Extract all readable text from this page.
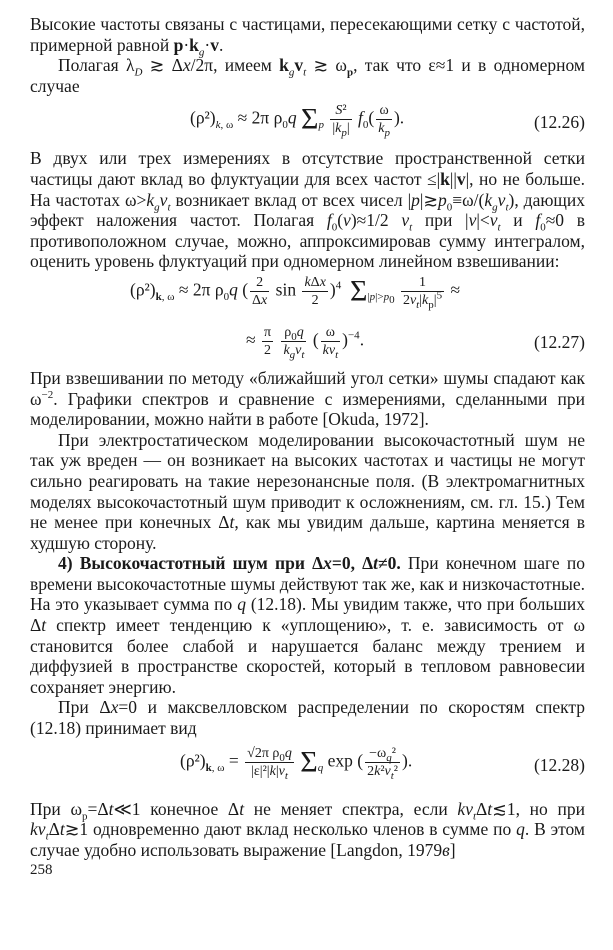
Высокие частоты связаны с частицами, пересекающими сетку с частотой, примерной равной $p\cdot k_g\cdot v$.

Полагая $\lambda_D$ ≳ Δx/2π, имеем $k_gv_t$ ≳ $\omega_p$, так что ε≈1 и в одномерном случае

$(\rho^2)_{k, \omega} \approx 2\pi$ $\rho_0q$ $\Sigma_p \frac{\text{S²}}{|k_p|} f_0( \frac{\omega}{k_p}$ ).	(12.26)

В двух или трех измерениях в отсутствие пространственной сетки частицы дают вклад во флуктуации для всех частот ≤|k||v|, но не больше. На частотах $\omega>k_gv_t$ возникает вклад от всех чисел $|p|≳p_0\equiv\omega/(k_gv_t)$, дающих эффект наложения частот. Полагая $f_0(v)\approx 1/2$ $v_t$ при $|v|<v_t$ и $f_0\approx 0$ в противоположном случае, можно, аппроксимировав сумму интегралом, оценить уровень флуктуаций при одномерном линейном взвешивании:

$(\rho^2)_{k, \omega} \approx 2\pi$ $\rho_0q$ ( $\frac{2}{\Delta x}$ $\sin \frac{\text{kΔx}}{2} )^4$ $\Sigma_{|p|>p_0} \frac{1}{2v_t|k_p|^5}$ ≈
≈ $\frac{\pi}{2}$
$\frac{\rho_0q}{k_gv_t}$ ( $\frac{\omega}{kv_t} )^{-4}$.	(12.27)

При взвешивании по методу «ближайший угол сетки» шумы спадают как $\omega^{-2}$. Графики спектров и сравнение с измерениями, сделанными при моделировании, можно найти в работе [Okuda, 1972].

При электростатическом моделировании высокочастотный шум не так уж вреден — он возникает на высоких частотах и частицы не могут сильно реагировать на такие нерезонансные поля. (В электромагнитных моделях высокочастотный шум приводит к осложнениям, см. гл. 15.) Тем не менее при конечных Δt, как мы увидим дальше, картина меняется в худшую сторону.

4) Высокочастотный шум при Δx=0, Δt≠0. При конечном шаге по времени высокочастотные шумы действуют так же, как и низкочастотные. На это указывает сумма по q (12.18). Мы увидим также, что при больших Δt спектр имеет тенденцию к «уплощению», т. е. зависимость от ω становится более слабой и нарушается баланс между трением и диффузией в пространстве скоростей, который в тепловом равновесии сохраняет энергию.

При Δx=0 и максвелловском распределении по скоростям спектр (12.18) принимает вид

$(\rho^2)_{k, \omega} = \frac{√2\pi \rho_0q}{|\varepsilon|^2|k|v_t} \Sigma_q$ exp ( $\frac{-\omega_q^2}{2k^2v_t^2}$ ).	(12.28)

При $\omega_p=\Delta t≪1$ конечное Δt не меняет спектра, если $kv_t\Delta t≲1$, но при $kv_t\Delta t≳1$ одновременно дают вклад несколько членов в сумме по q. В этом случае удобно использовать выражение [Langdon, 1979в]

258
